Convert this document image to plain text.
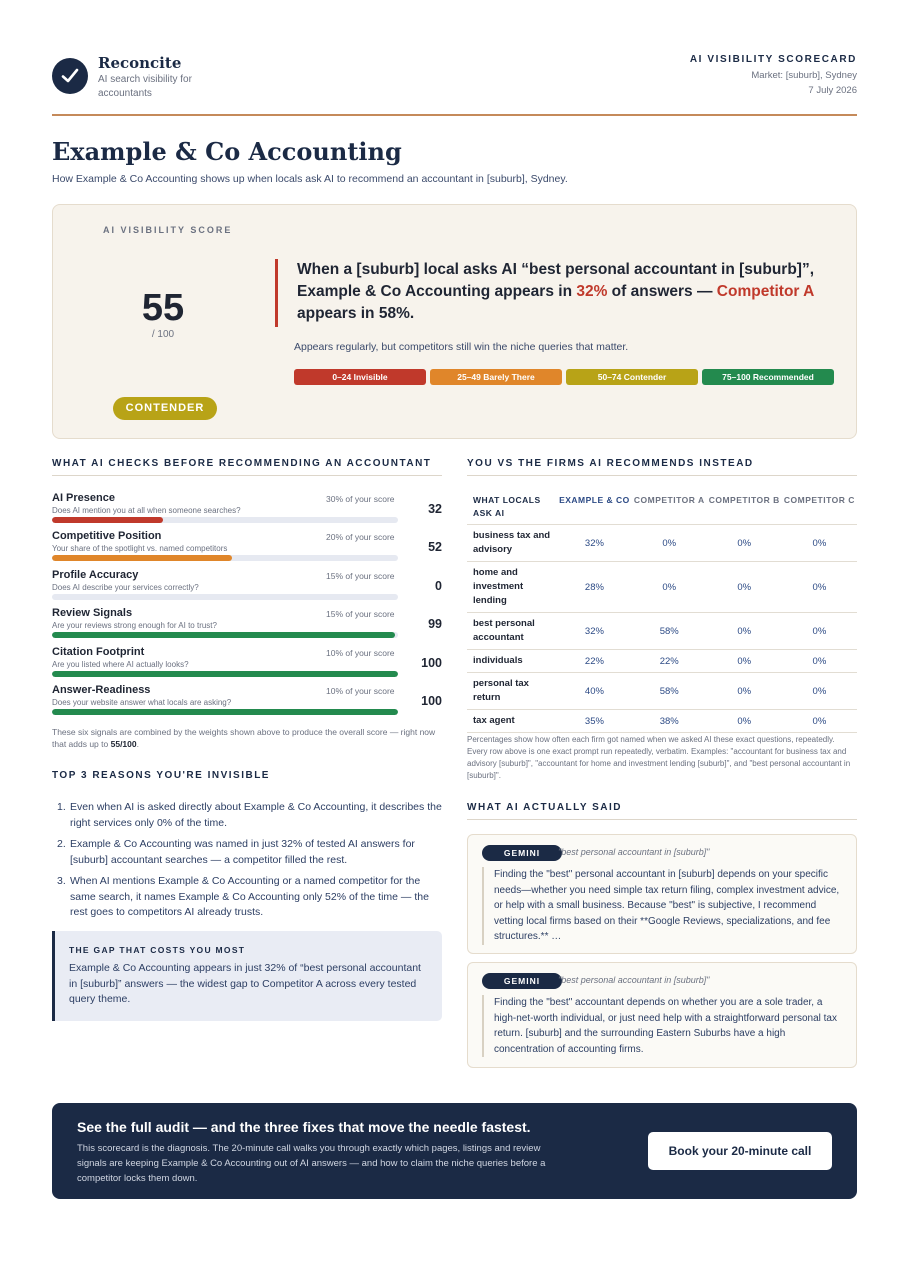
Reconcite
AI search visibility for accountants
AI VISIBILITY SCORECARD
Market: [suburb], Sydney
7 July 2026
Example & Co Accounting
How Example & Co Accounting shows up when locals ask AI to recommend an accountant in [suburb], Sydney.
AI VISIBILITY SCORE
55
/ 100
CONTENDER
When a [suburb] local asks AI “best personal accountant in [suburb]”, Example & Co Accounting appears in 32% of answers — Competitor A appears in 58%.
Appears regularly, but competitors still win the niche queries that matter.
0–24 Invisible	25–49 Barely There	50–74 Contender	75–100 Recommended
WHAT AI CHECKS BEFORE RECOMMENDING AN ACCOUNTANT
AI Presence	30% of your score
Does AI mention you at all when someone searches?	32
Competitive Position	20% of your score
Your share of the spotlight vs. named competitors	52
Profile Accuracy	15% of your score
Does AI describe your services correctly?	0
Review Signals	15% of your score
Are your reviews strong enough for AI to trust?	99
Citation Footprint	10% of your score
Are you listed where AI actually looks?	100
Answer-Readiness	10% of your score
Does your website answer what locals are asking?	100
These six signals are combined by the weights shown above to produce the overall score — right now that adds up to 55/100.
TOP 3 REASONS YOU'RE INVISIBLE
1. Even when AI is asked directly about Example & Co Accounting, it describes the right services only 0% of the time.
2. Example & Co Accounting was named in just 32% of tested AI answers for [suburb] accountant searches — a competitor filled the rest.
3. When AI mentions Example & Co Accounting or a named competitor for the same search, it names Example & Co Accounting only 52% of the time — the rest goes to competitors AI already trusts.
THE GAP THAT COSTS YOU MOST
Example & Co Accounting appears in just 32% of “best personal accountant in [suburb]” answers — the widest gap to Competitor A across every tested query theme.
YOU VS THE FIRMS AI RECOMMENDS INSTEAD
WHAT LOCALS ASK AI	EXAMPLE & CO	COMPETITOR A	COMPETITOR B	COMPETITOR C
business tax and advisory	32%	0%	0%	0%
home and investment lending	28%	0%	0%	0%
best personal accountant	32%	58%	0%	0%
individuals	22%	22%	0%	0%
personal tax return	40%	58%	0%	0%
tax agent	35%	38%	0%	0%
Percentages show how often each firm got named when we asked AI these exact questions, repeatedly. Every row above is one exact prompt run repeatedly, verbatim. Examples: "accountant for business tax and advisory [suburb]", "accountant for home and investment lending [suburb]", and "best personal accountant in [suburb]".
WHAT AI ACTUALLY SAID
GEMINI	"best personal accountant in [suburb]"
Finding the "best" personal accountant in [suburb] depends on your specific needs—whether you need simple tax return filing, complex investment advice, or help with a small business. Because "best" is subjective, I recommend vetting local firms based on their **Google Reviews, specializations, and fee structures.** …
GEMINI	"best personal accountant in [suburb]"
Finding the "best" accountant depends on whether you are a sole trader, a high-net-worth individual, or just need help with a straightforward personal tax return. [suburb] and the surrounding Eastern Suburbs have a high concentration of accounting firms.
See the full audit — and the three fixes that move the needle fastest.
This scorecard is the diagnosis. The 20-minute call walks you through exactly which pages, listings and review signals are keeping Example & Co Accounting out of AI answers — and how to claim the niche queries before a competitor locks them down.
Book your 20-minute call
